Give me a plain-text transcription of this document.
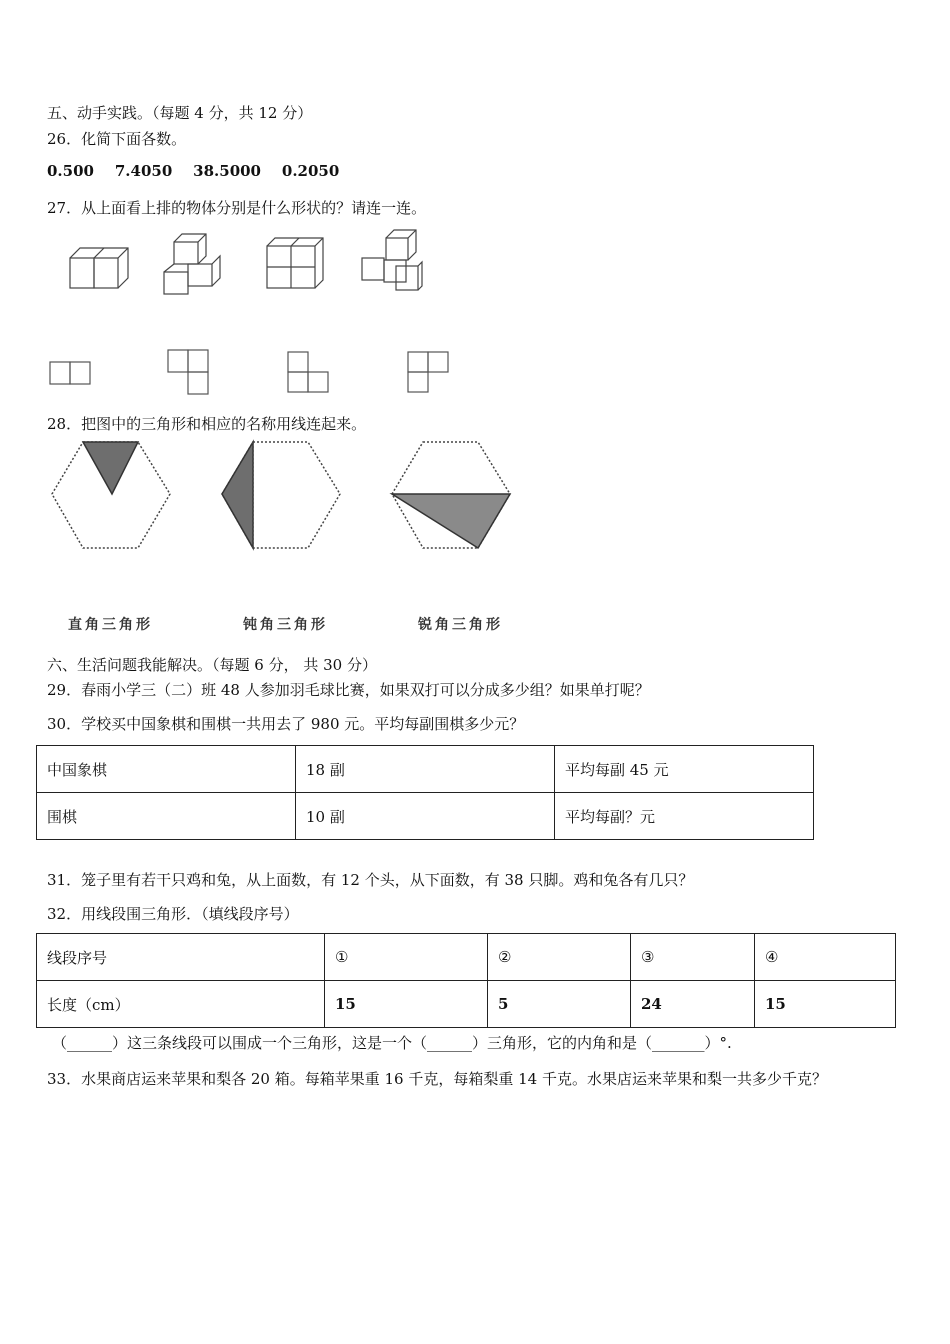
五、动手实践。（每题 4 分，共 12 分）
26．化简下面各数。
0.500    7.4050    38.5000    0.2050
27．从上面看上排的物体分别是什么形状的？请连一连。
28．把图中的三角形和相应的名称用线连起来。
直角三角形	钝角三角形	锐角三角形
六、生活问题我能解决。（每题 6 分， 共 30 分）
29．春雨小学三（二）班 48 人参加羽毛球比赛，如果双打可以分成多少组？如果单打呢？
30．学校买中国象棋和围棋一共用去了 980 元。平均每副围棋多少元？
中国象棋	18 副	平均每副 45 元
围棋	10 副	平均每副？元
31．笼子里有若干只鸡和兔，从上面数，有 12 个头，从下面数，有 38 只脚。鸡和兔各有几只？
32．用线段围三角形．（填线段序号）
线段序号	①	②	③	④
长度（cm）	15	5	24	15
（______）这三条线段可以围成一个三角形，这是一个（______）三角形，它的内角和是（_______）°.
33．水果商店运来苹果和梨各 20 箱。每箱苹果重 16 千克，每箱梨重 14 千克。水果店运来苹果和梨一共多少千克？
